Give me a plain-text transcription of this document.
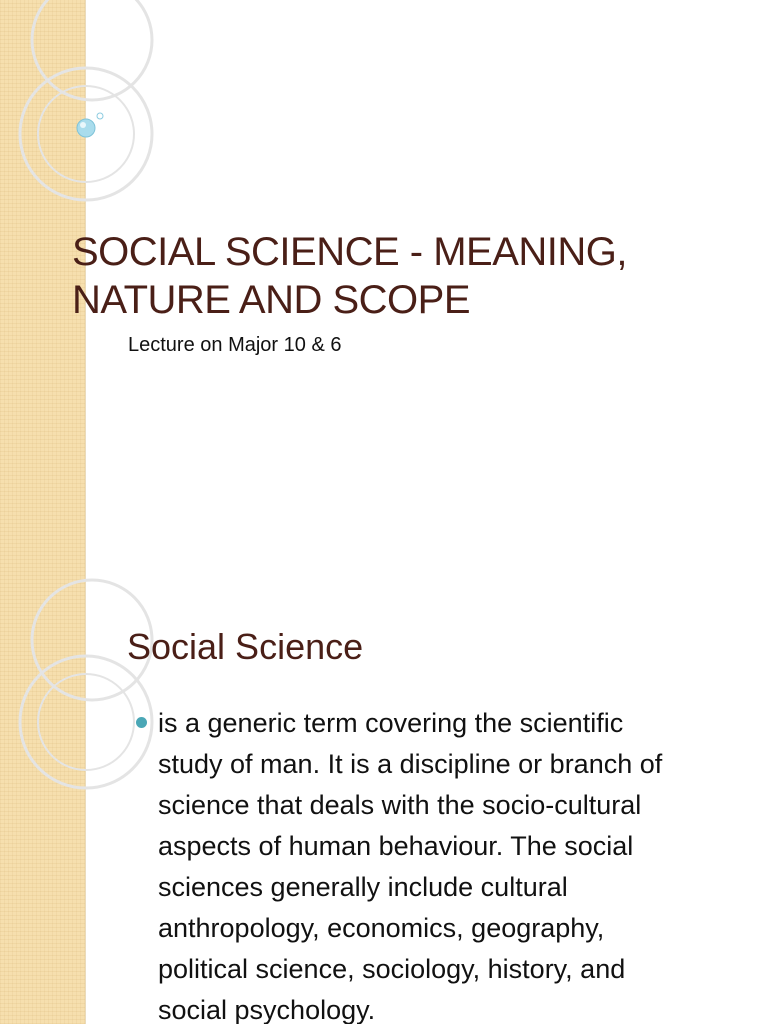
SOCIAL SCIENCE - MEANING,
NATURE AND SCOPE

Lecture on Major 10 & 6

Social Science
is a generic term covering the scientific
study of man. It is a discipline or branch of
science that deals with the socio-cultural
aspects of human behaviour. The social
sciences generally include cultural
anthropology, economics, geography,
political science, sociology, history, and
social psychology.
